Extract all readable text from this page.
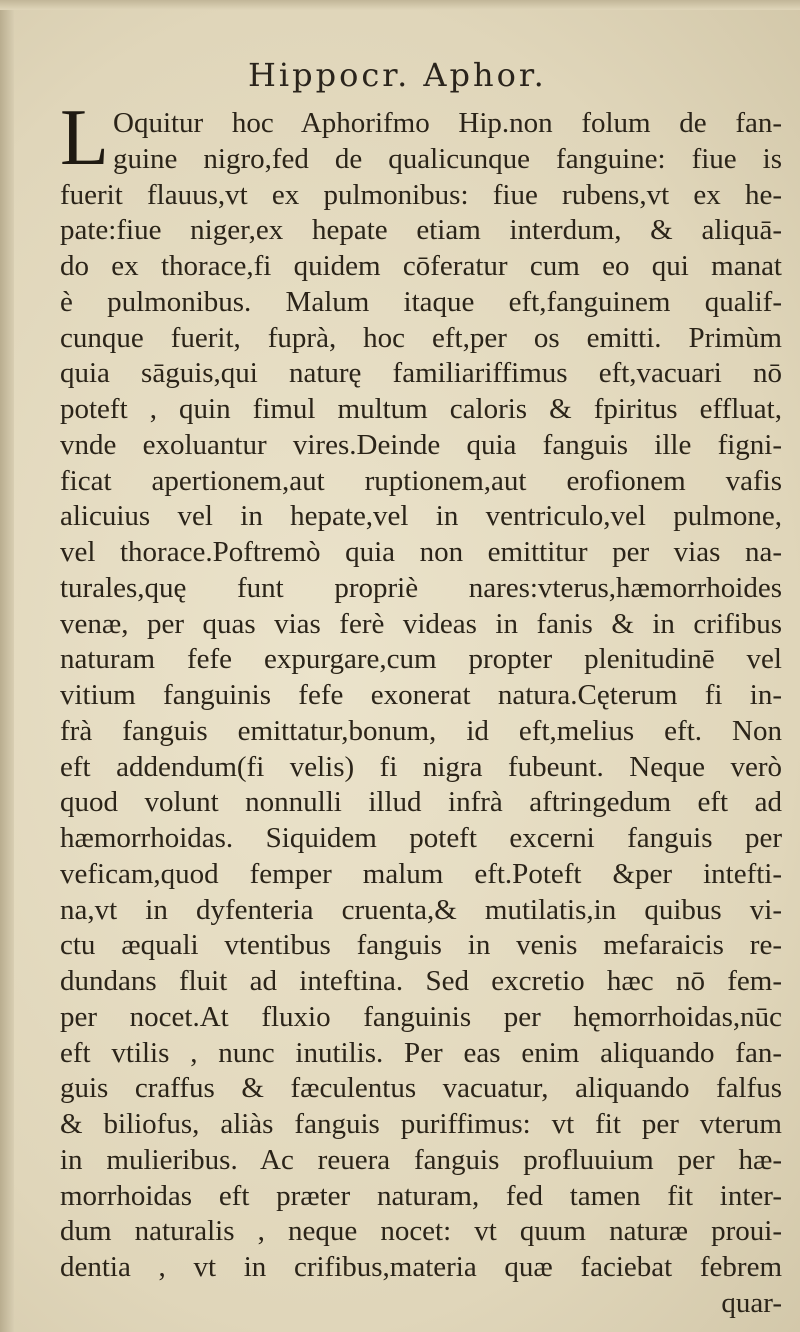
Hippocr. Aphor.
L Oquitur hoc Aphorifmo Hip.non folum de fan-
guine nigro,fed de qualicunque fanguine: fiue is
fuerit flauus,vt ex pulmonibus: fiue rubens,vt ex he-
pate:fiue niger,ex hepate etiam interdum, & aliquā-
do ex thorace,fi quidem cōferatur cum eo qui manat
è pulmonibus. Malum itaque eft,fanguinem qualif-
cunque fuerit, fuprà, hoc eft,per os emitti. Primùm
quia sāguis,qui naturę familiariffimus eft,vacuari nō
poteft , quin fimul multum caloris & fpiritus effluat,
vnde exoluantur vires.Deinde quia fanguis ille figni-
ficat apertionem,aut ruptionem,aut erofionem vafis
alicuius vel in hepate,vel in ventriculo,vel pulmone,
vel thorace.Poftremò quia non emittitur per vias na-
turales,quę funt propriè nares:vterus,hæmorrhoides
venæ, per quas vias ferè videas in fanis & in crifibus
naturam fefe expurgare,cum propter plenitudinē vel
vitium fanguinis fefe exonerat natura.Cęterum fi in-
frà fanguis emittatur,bonum, id eft,melius eft. Non
eft addendum(fi velis) fi nigra fubeunt. Neque verò
quod volunt nonnulli illud infrà aftringedum eft ad
hæmorrhoidas. Siquidem poteft excerni fanguis per
veficam,quod femper malum eft.Poteft &per intefti-
na,vt in dyfenteria cruenta,& mutilatis,in quibus vi-
ctu æquali vtentibus fanguis in venis mefaraicis re-
dundans fluit ad inteftina. Sed excretio hæc nō fem-
per nocet.At fluxio fanguinis per hęmorrhoidas,nūc
eft vtilis , nunc inutilis. Per eas enim aliquando fan-
guis craffus & fæculentus vacuatur, aliquando falfus
& biliofus, aliàs fanguis puriffimus: vt fit per vterum
in mulieribus. Ac reuera fanguis profluuium per hæ-
morrhoidas eft præter naturam, fed tamen fit inter-
dum naturalis , neque nocet: vt quum naturæ proui-
dentia , vt in crifibus,materia quæ faciebat febrem
quar-
